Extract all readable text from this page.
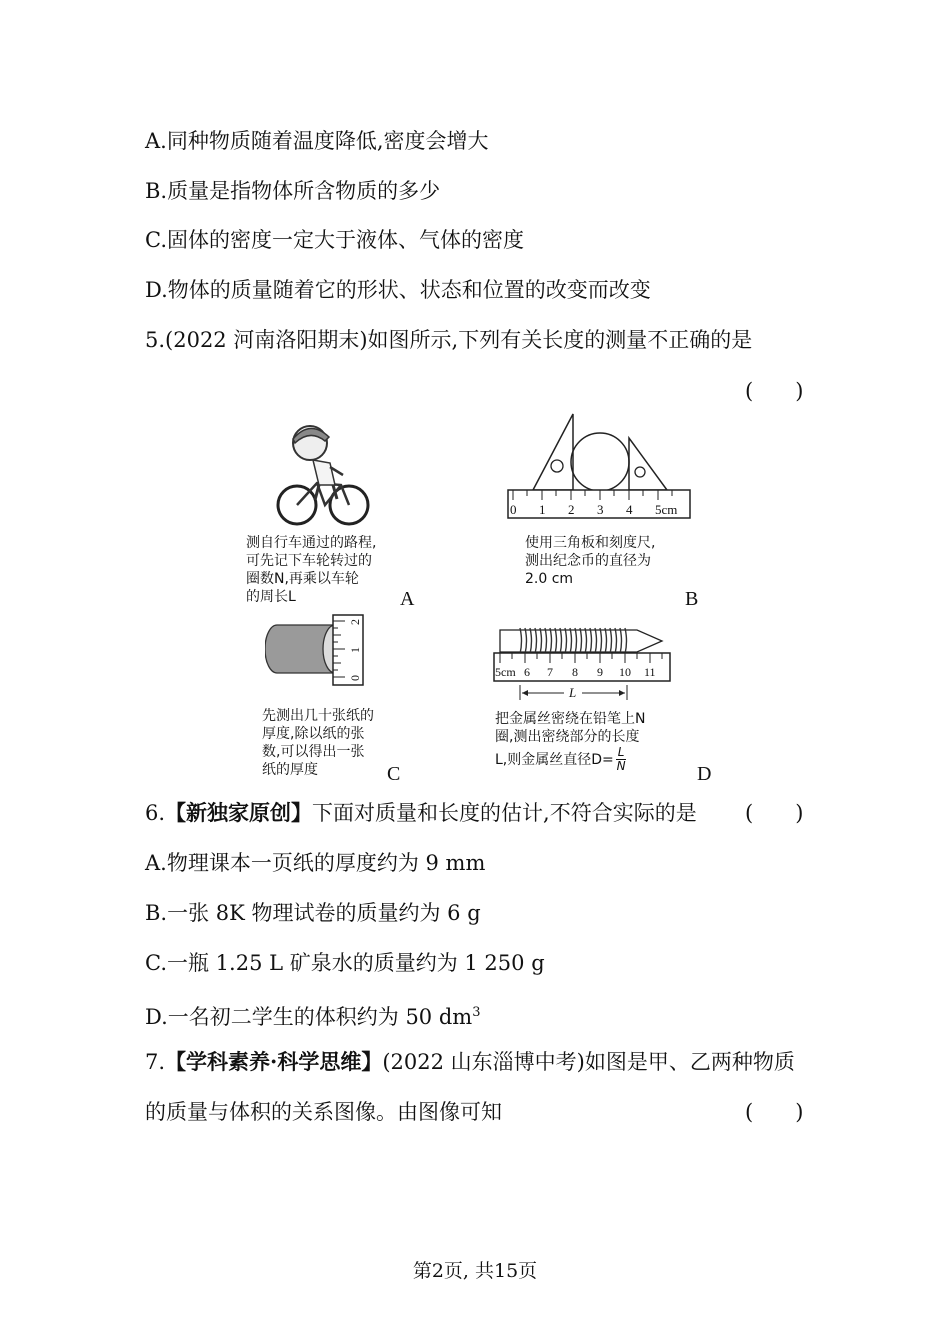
A.同种物质随着温度降低,密度会增大
B.质量是指物体所含物质的多少
C.固体的密度一定大于液体、气体的密度
D.物体的质量随着它的形状、状态和位置的改变而改变
5.(2022 河南洛阳期末)如图所示,下列有关长度的测量不正确的是
(　　)
测自行车通过的路程,
可先记下车轮转过的
圈数N,再乘以车轮
的周长L	A
0 1 2 3 4 5cm
使用三角板和刻度尺,
测出纪念币的直径为
2.0 cm
B
0
1
2
先测出几十张纸的
厚度,除以纸的张
数,可以得出一张
纸的厚度	C
5cm 6 7 8 9 10 11
L
把金属丝密绕在铅笔上N
圈,测出密绕部分的长度
L,则金属丝直径$D= \frac{L}{N}$
D
6.【新独家原创】下面对质量和长度的估计,不符合实际的是 (　　)
A.物理课本一页纸的厚度约为 9 mm
B.一张 8K 物理试卷的质量约为 6 g
C.一瓶 1.25 L 矿泉水的质量约为 1 250 g
D.一名初二学生的体积约为 50 $dm^3$
7.【学科素养·科学思维】(2022 山东淄博中考)如图是甲、乙两种物质
的质量与体积的关系图像。由图像可知	(　　)
第2页, 共15页
